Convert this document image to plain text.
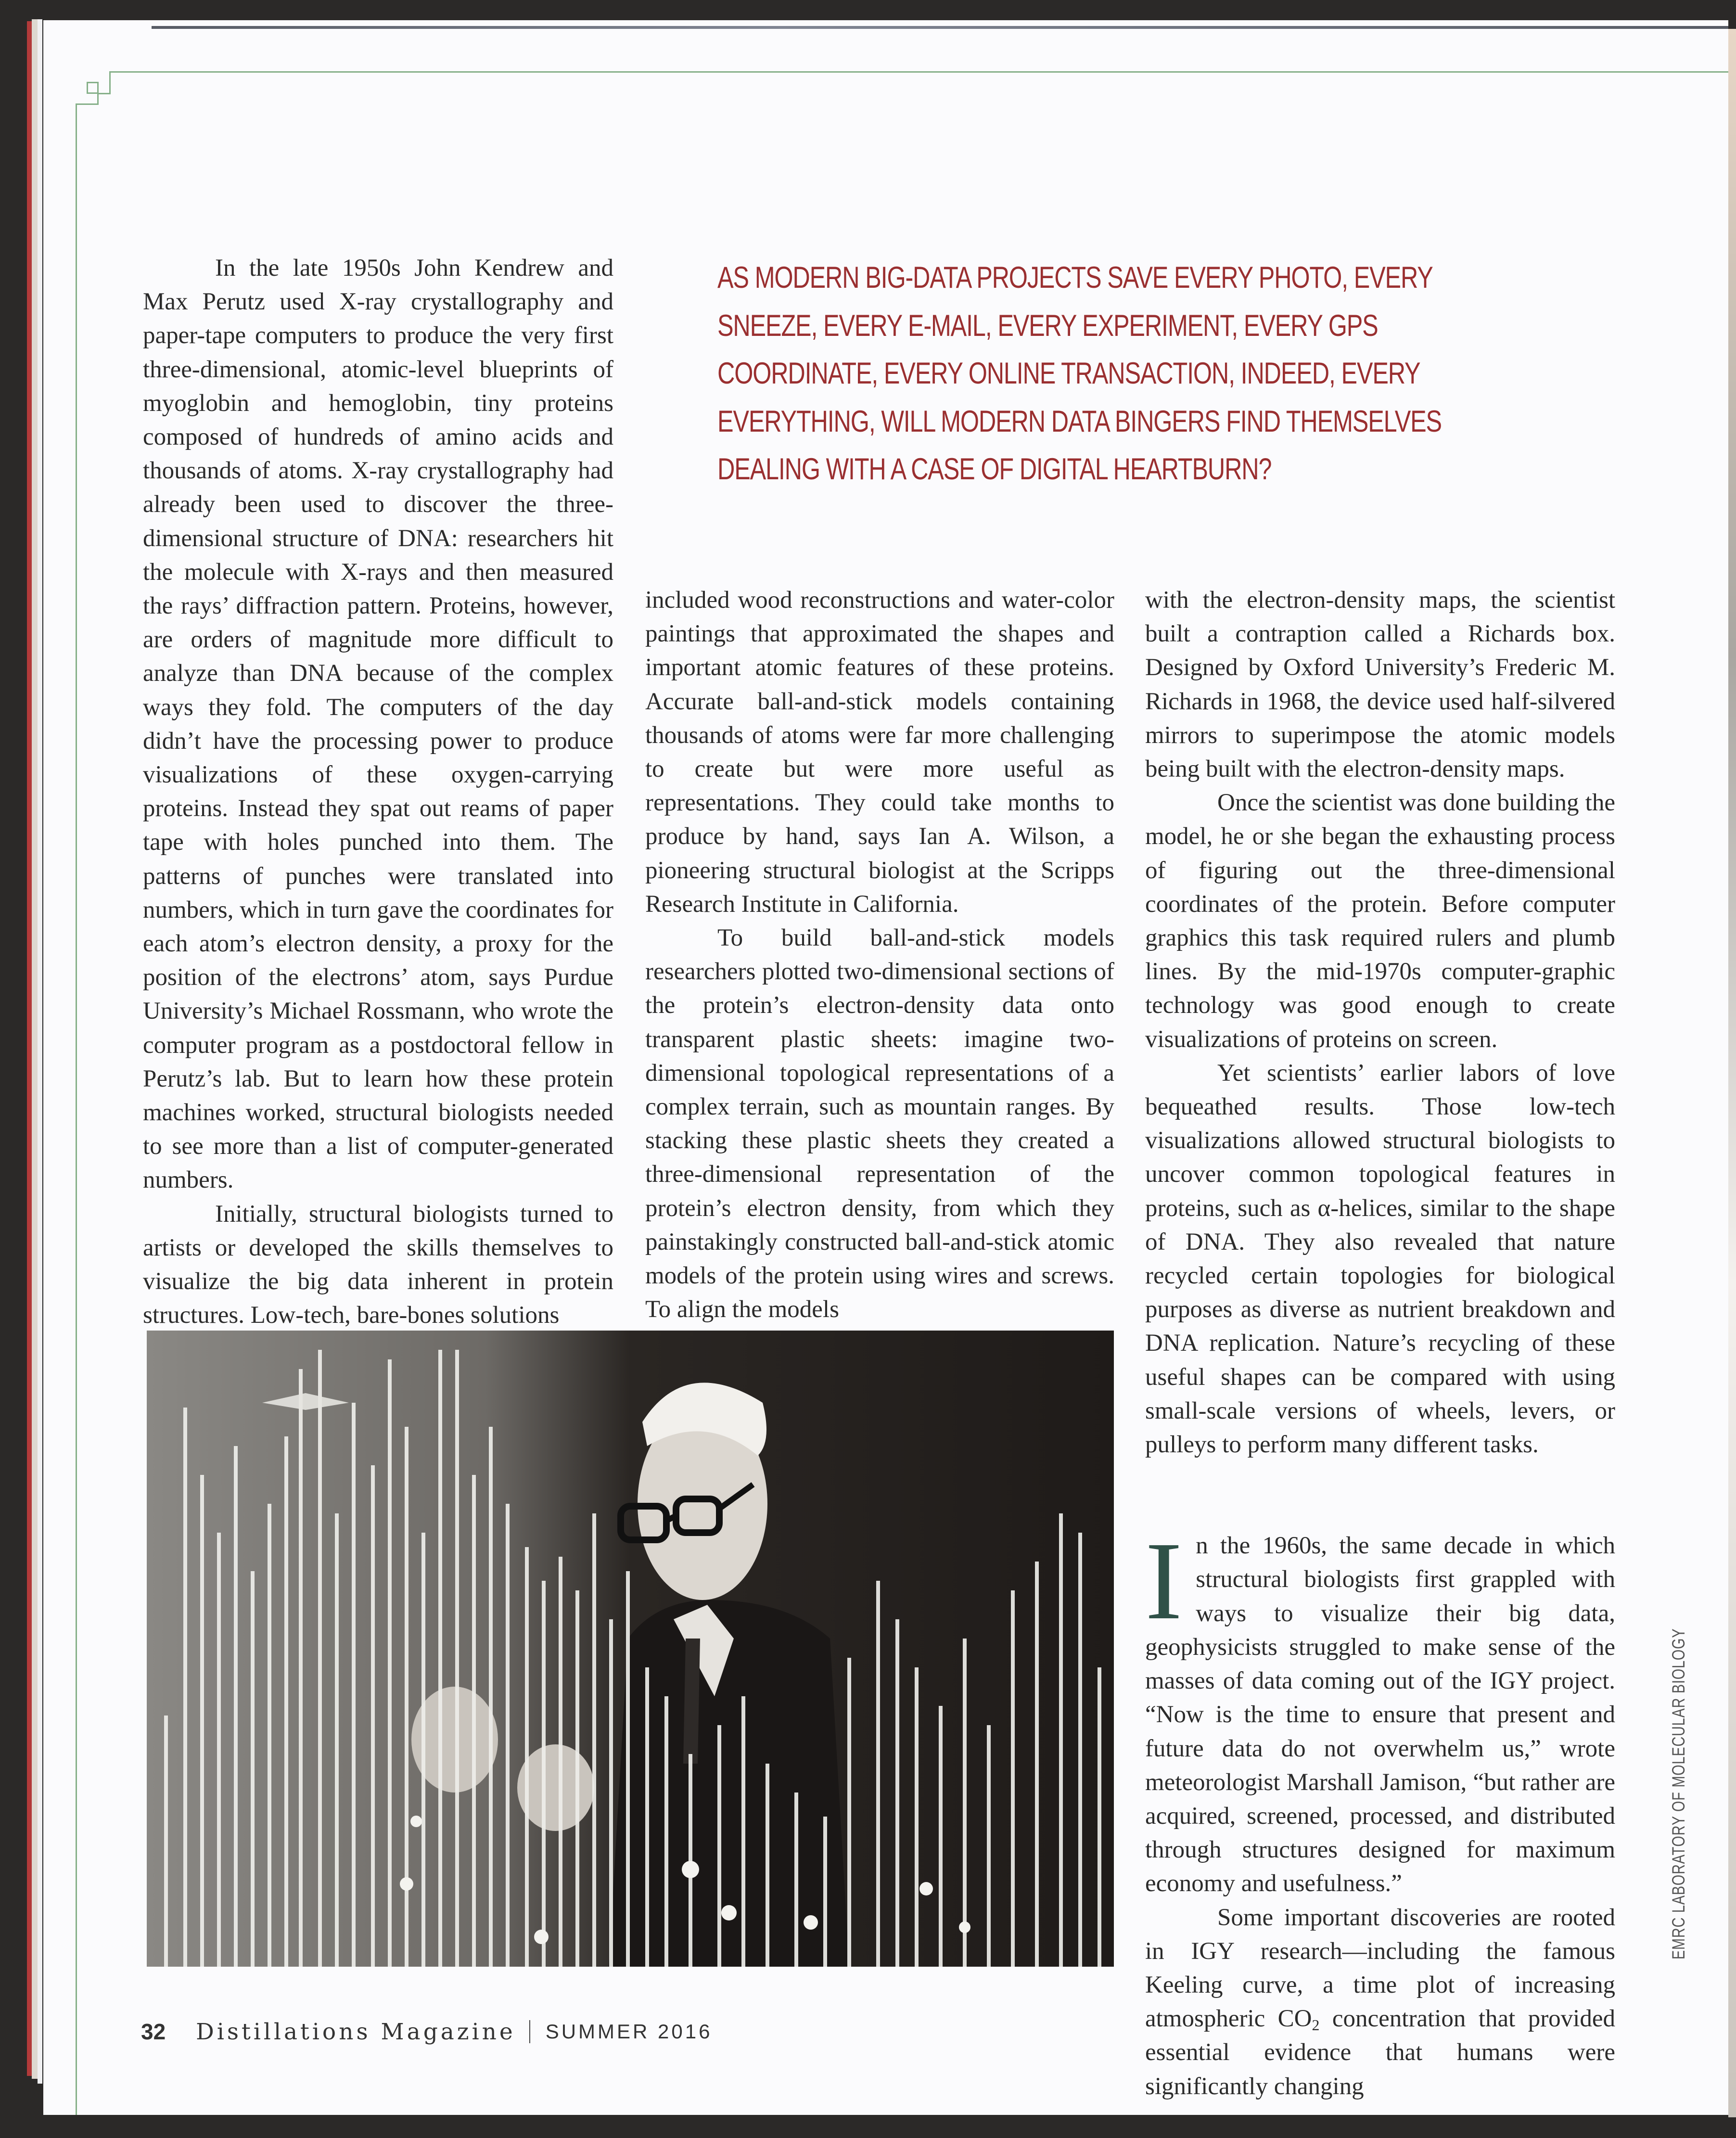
In the late 1950s John Kendrew and Max Perutz used X-ray crystallography and paper-tape computers to produce the very first three-dimensional, atomic-level blueprints of myoglobin and hemoglobin, tiny proteins composed of hundreds of amino acids and thousands of atoms. X-ray crystallography had already been used to discover the three-dimensional structure of DNA: researchers hit the molecule with X-rays and then measured the rays’ diffraction pattern. Proteins, however, are orders of magnitude more difficult to analyze than DNA because of the complex ways they fold. The computers of the day didn’t have the processing power to produce visualizations of these oxygen-carrying proteins. Instead they spat out reams of paper tape with holes punched into them. The patterns of punches were translated into numbers, which in turn gave the coordinates for each atom’s electron density, a proxy for the position of the electrons’ atom, says Purdue University’s Michael Rossmann, who wrote the computer program as a postdoctoral fellow in Perutz’s lab. But to learn how these protein machines worked, structural biologists needed to see more than a list of computer-generated numbers.

Initially, structural biologists turned to artists or developed the skills themselves to visualize the big data inherent in protein structures. Low-tech, bare-bones solutions

AS MODERN BIG-DATA PROJECTS SAVE EVERY PHOTO, EVERY
SNEEZE, EVERY E-MAIL, EVERY EXPERIMENT, EVERY GPS
COORDINATE, EVERY ONLINE TRANSACTION, INDEED, EVERY
EVERYTHING, WILL MODERN DATA BINGERS FIND THEMSELVES
DEALING WITH A CASE OF DIGITAL HEARTBURN?

included wood reconstructions and water-color paintings that approximated the shapes and important atomic features of these proteins. Accurate ball-and-stick models containing thousands of atoms were far more challenging to create but were more useful as representations. They could take months to produce by hand, says Ian A. Wilson, a pioneering structural biologist at the Scripps Research Institute in California.

To build ball-and-stick models researchers plotted two-dimensional sections of the protein’s electron-density data onto transparent plastic sheets: imagine two-dimensional topological representations of a complex terrain, such as mountain ranges. By stacking these plastic sheets they created a three-dimensional representation of the protein’s electron density, from which they painstakingly constructed ball-and-stick atomic models of the protein using wires and screws. To align the models

with the electron-density maps, the scientist built a contraption called a Richards box. Designed by Oxford University’s Frederic M. Richards in 1968, the device used half-silvered mirrors to superimpose the atomic models being built with the electron-density maps.

Once the scientist was done building the model, he or she began the exhausting process of figuring out the three-dimensional coordinates of the protein. Before computer graphics this task required rulers and plumb lines. By the mid-1970s computer-graphic technology was good enough to create visualizations of proteins on screen.

Yet scientists’ earlier labors of love bequeathed results. Those low-tech visualizations allowed structural biologists to uncover common topological features in proteins, such as α-helices, similar to the shape of DNA. They also revealed that nature recycled certain topologies for biological purposes as diverse as nutrient breakdown and DNA replication. Nature’s recycling of these useful shapes can be compared with using small-scale versions of wheels, levers, or pulleys to perform many different tasks.

In the 1960s, the same decade in which structural biologists first grappled with ways to visualize their big data, geophysicists struggled to make sense of the masses of data coming out of the IGY project. “Now is the time to ensure that present and future data do not overwhelm us,” wrote meteorologist Marshall Jamison, “but rather are acquired, screened, processed, and distributed through structures designed for maximum economy and usefulness.”

Some important discoveries are rooted in IGY research—including the famous Keeling curve, a time plot of increasing atmospheric $CO_2$ concentration that provided essential evidence that humans were significantly changing

32 Distillations Magazine SUMMER 2016
EMRC LABORATORY OF MOLECULAR BIOLOGY
